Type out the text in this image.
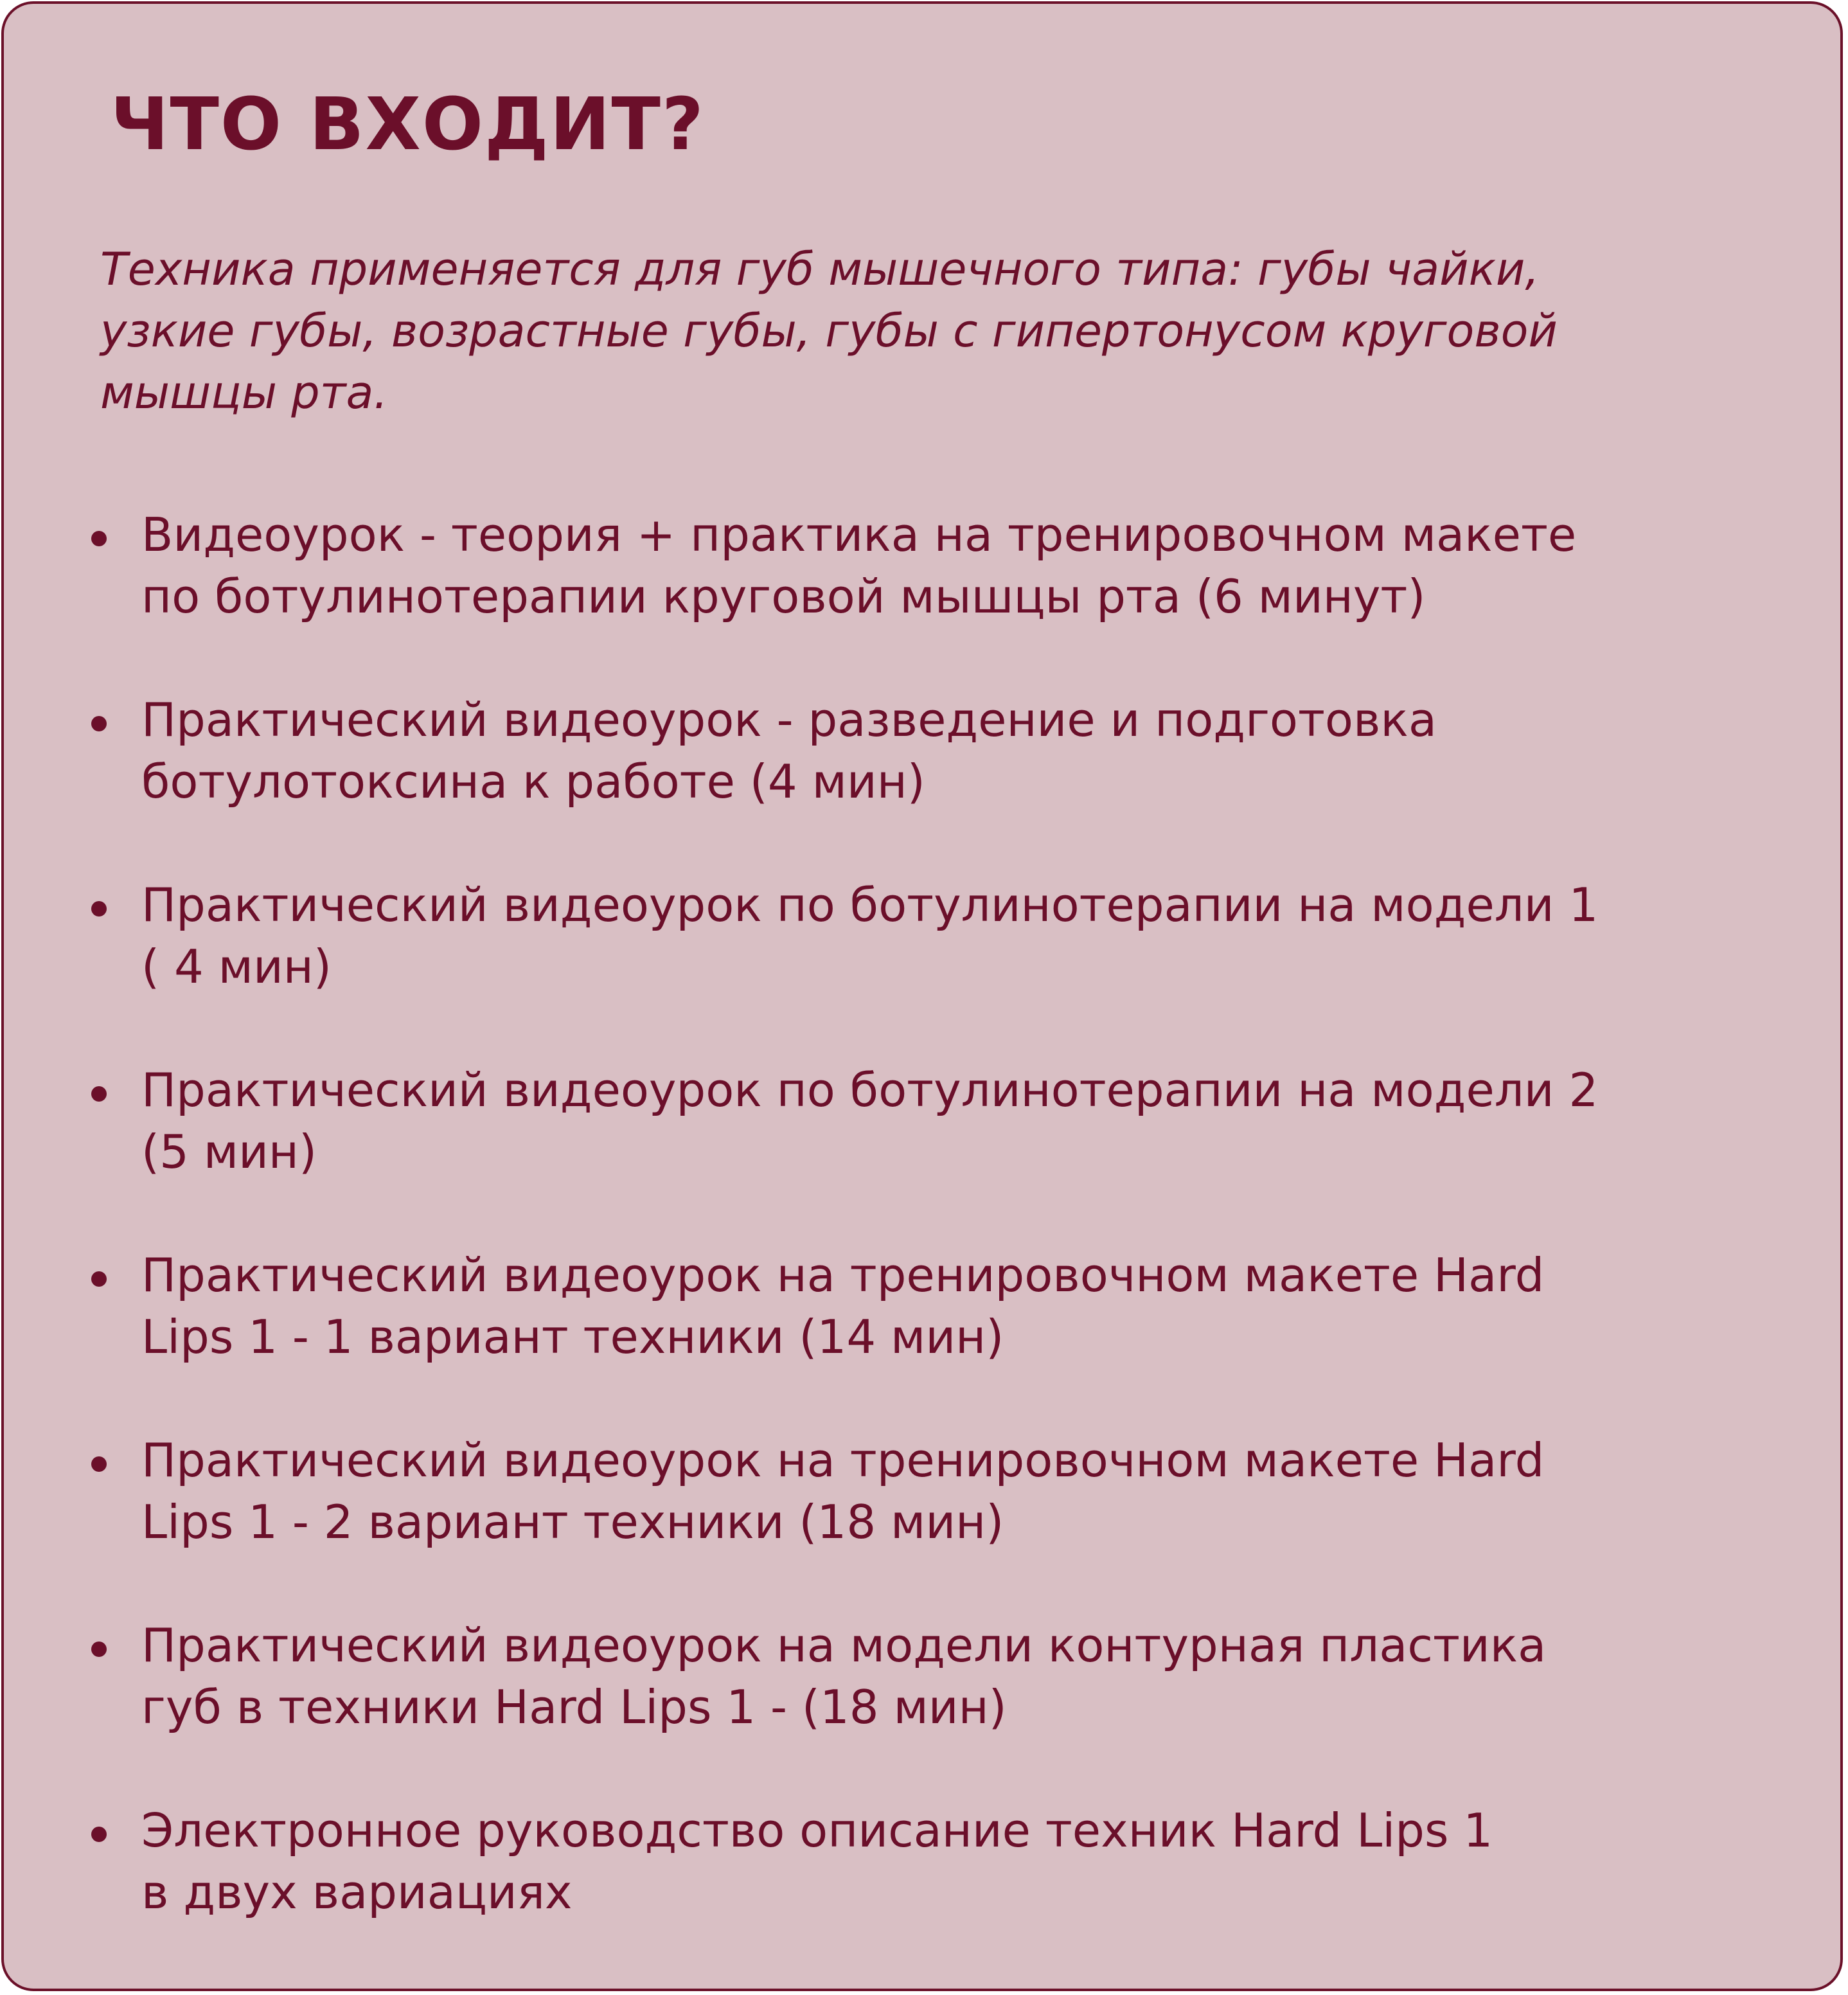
ЧТО ВХОДИТ?

Техника применяется для губ мышечного типа: губы чайки,
узкие губы, возрастные губы, губы с гипертонусом круговой
мышцы рта.

Видеоурок - теория + практика на тренировочном макете
по ботулинотерапии круговой мышцы рта (6 минут)
Практический видеоурок - разведение и подготовка
ботулотоксина к работе (4 мин)
Практический видеоурок по ботулинотерапии на модели 1
( 4 мин)
Практический видеоурок по ботулинотерапии на модели 2
(5 мин)
Практический видеоурок на тренировочном макете Hard
Lips 1 - 1 вариант техники (14 мин)
Практический видеоурок на тренировочном макете Hard
Lips 1 - 2 вариант техники (18 мин)
Практический видеоурок на модели контурная пластика
губ в техники Hard Lips 1 - (18 мин)
Электронное руководство описание техник Hard Lips 1
в двух вариациях
